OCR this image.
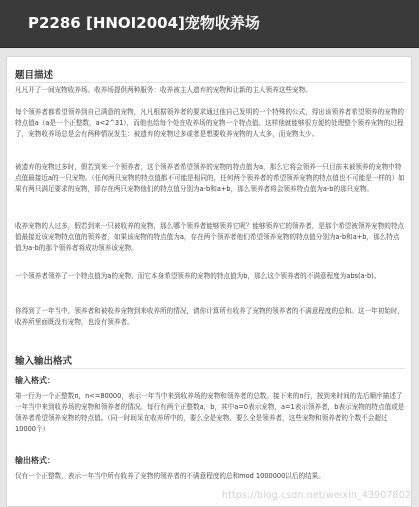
P2286 [HNOI2004]宠物收养场
题目描述
凡凡开了一间宠物收养场。收养场提供两种服务：收养被主人遗弃的宠物和让新的主人领养这些宠物。
每个领养者都希望领养到自己满意的宠物，凡凡根据领养者的要求通过他自己发明的一个特殊的公式，得出该领养者希望领养的宠物的特点值a（a是一个正整数，a<2^31），而他也给每个处在收养场的宠物一个特点值。这样他就能够很方便的处理整个领养宠物的过程了，宠物收养场总是会有两种情况发生：被遗弃的宠物过多或者是想要收养宠物的人太多，而宠物太少。
被遗弃的宠物过多时，假若到来一个领养者，这个领养者希望领养的宠物的特点值为a，那么它将会领养一只目前未被领养的宠物中特点值最接近a的一只宠物。（任何两只宠物的特点值都不可能是相同的，任何两个领养者的希望领养宠物的特点值也不可能是一样的）如果有两只满足要求的宠物，即存在两只宠物他们的特点值分别为a-b和a+b，那么领养者将会领养特点值为a-b的那只宠物。
收养宠物的人过多，假若到来一只被收养的宠物，那么哪个领养者能够领养它呢？能够领养它的领养者，是那个希望被领养宠物的特点值最接近该宠物特点值的领养者，如果该宠物的特点值为a，存在两个领养者他们希望领养宠物的特点值分别为a-b和a+b，那么特点值为a-b的那个领养者将成功领养该宠物。
一个领养者领养了一个特点值为a的宠物，而它本身希望领养的宠物的特点值为b，那么这个领养者的不满意程度为abs(a-b)。
你得到了一年当中，领养者和被收养宠物到来收养所的情况，请你计算所有收养了宠物的领养者的不满意程度的总和。这一年初始时，收养所里面既没有宠物，也没有领养者。
输入输出格式
输入格式：
第一行为一个正整数n，n<=80000，表示一年当中来到收养场的宠物和领养者的总数。接下来的n行，按到来时间的先后顺序描述了一年当中来到收养场的宠物和领养者的情况。每行有两个正整数a，b，其中a=0表示宠物，a=1表示领养者，b表示宠物的特点值或是领养者希望领养宠物的特点值。（同一时间呆在收养所中的，要么全是宠物，要么全是领养者，这些宠物和领养者的个数不会超过10000个）
输出格式：
仅有一个正整数，表示一年当中所有收养了宠物的领养者的不满意程度的总和mod 1000000以后的结果。
https://blog.csdn.net/weixin_43907802
